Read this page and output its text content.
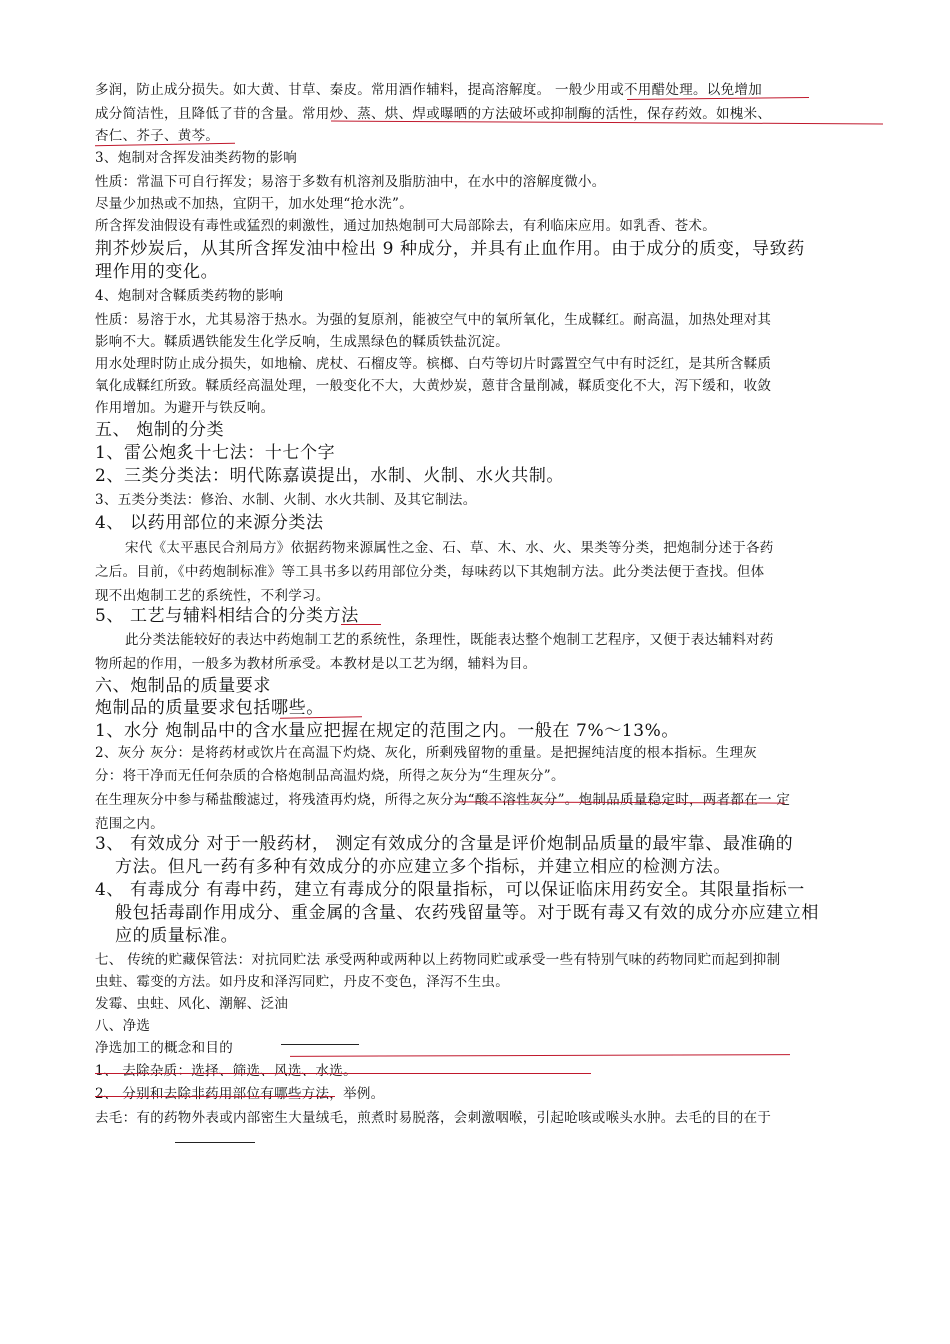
多润，防止成分损失。如大黄、甘草、秦皮。常用酒作辅料，提高溶解度。 一般少用或不用醋处理。以免增加
成分简洁性，且降低了苷的含量。常用炒、蒸、烘、焊或曝晒的方法破坏或抑制酶的活性，保存药效。如槐米、
杏仁、芥子、黄芩。
3、炮制对含挥发油类药物的影响
性质：常温下可自行挥发；易溶于多数有机溶剂及脂肪油中，在水中的溶解度微小。
尽量少加热或不加热，宜阴干，加水处理“抢水洗”。
所含挥发油假设有毒性或猛烈的刺激性，通过加热炮制可大局部除去，有利临床应用。如乳香、苍术。
荆芥炒炭后，从其所含挥发油中检出 9 种成分，并具有止血作用。由于成分的质变，导致药
理作用的变化。
4、炮制对含鞣质类药物的影响
性质：易溶于水，尤其易溶于热水。为强的复原剂，能被空气中的氧所氧化，生成鞣红。耐高温，加热处理对其
影响不大。鞣质遇铁能发生化学反响，生成黑绿色的鞣质铁盐沉淀。
用水处理时防止成分损失，如地榆、虎杖、石榴皮等。槟榔、白芍等切片时露置空气中有时泛红，是其所含鞣质
氧化成鞣红所致。鞣质经高温处理，一般变化不大，大黄炒炭，蒽苷含量削减，鞣质变化不大，泻下缓和，收敛
作用增加。为避开与铁反响。
五、 炮制的分类
1、雷公炮炙十七法：十七个字
2、三类分类法：明代陈嘉谟提出，水制、火制、水火共制。
3、五类分类法：修治、水制、火制、水火共制、及其它制法。
4、 以药用部位的来源分类法
宋代《太平惠民合剂局方》依据药物来源属性之金、石、草、木、水、火、果类等分类，把炮制分述于各药
之后。目前，《中药炮制标准》等工具书多以药用部位分类，每味药以下其炮制方法。此分类法便于查找。但体
现不出炮制工艺的系统性，不利学习。
5、 工艺与辅料相结合的分类方法
此分类法能较好的表达中药炮制工艺的系统性，条理性，既能表达整个炮制工艺程序，又便于表达辅料对药
物所起的作用，一般多为教材所承受。本教材是以工艺为纲，辅料为目。
六、炮制品的质量要求
炮制品的质量要求包括哪些。
1、水分 炮制品中的含水量应把握在规定的范围之内。一般在 7%～13%。
2、灰分 灰分：是将药材或饮片在高温下灼烧、灰化，所剩残留物的重量。是把握纯洁度的根本指标。生理灰
分：将干净而无任何杂质的合格炮制品高温灼烧，所得之灰分为“生理灰分”。
在生理灰分中参与稀盐酸滤过，将残渣再灼烧，所得之灰分为“酸不溶性灰分”。炮制品质量稳定时，两者都在一 定
范围之内。
3、 有效成分 对于一般药材， 测定有效成分的含量是评价炮制品质量的最牢靠、最准确的
方法。但凡一药有多种有效成分的亦应建立多个指标，并建立相应的检测方法。
4、 有毒成分 有毒中药，建立有毒成分的限量指标，可以保证临床用药安全。其限量指标一
般包括毒副作用成分、重金属的含量、农药残留量等。对于既有毒又有效的成分亦应建立相
应的质量标准。
七、 传统的贮藏保管法：对抗同贮法 承受两种或两种以上药物同贮或承受一些有特别气味的药物同贮而起到抑制
虫蛀、霉变的方法。如丹皮和泽泻同贮，丹皮不变色，泽泻不生虫。
发霉、虫蛀、风化、潮解、泛油
八、净选
净选加工的概念和目的
1、 去除杂质：选择、筛选、风选、水选。
2、 分别和去除非药用部位有哪些方法，举例。
去毛：有的药物外表或内部密生大量绒毛，煎煮时易脱落，会刺激咽喉，引起呛咳或喉头水肿。去毛的目的在于
